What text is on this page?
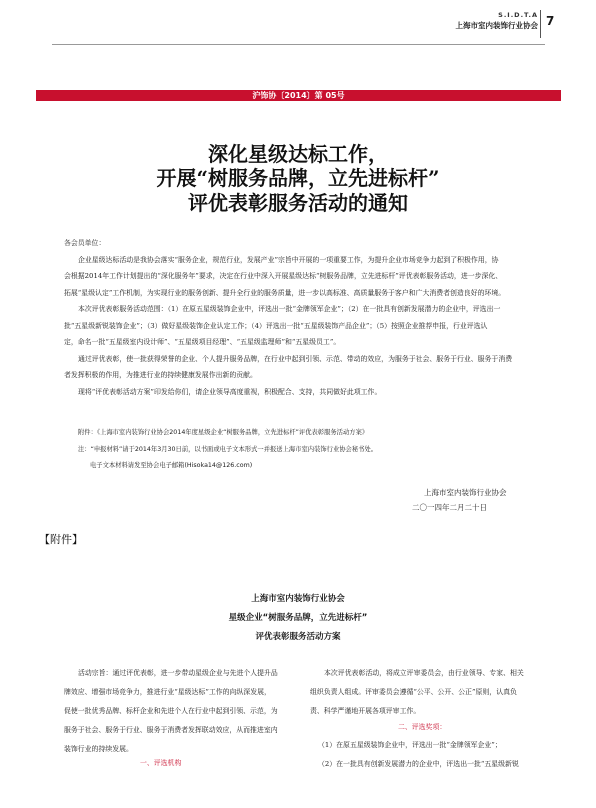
S.I.D.T.A
上海市室内装饰行业协会 7
沪饰协〔2014〕第 05号
深化星级达标工作，
开展“树服务品牌，立先进标杆”
评优表彰服务活动的通知

各会员单位：

企业星级达标活动是我协会落实“服务企业，规范行业，发展产业”宗旨中开展的一项重要工作，为提升企业市场竞争力起到了积极作用，协

会根据2014年工作计划提出的“深化服务年”要求，决定在行业中深入开展星级达标“树服务品牌，立先进标杆”评优表彰服务活动，进一步深化、

拓展“星级认定”工作机制，为实现行业的服务创新、提升全行业的服务质量，进一步以高标准、高质量服务于客户和广大消费者创造良好的环境。

本次评优表彰服务活动范围：（1）在原五星级装饰企业中，评选出一批“金牌领军企业”；（2）在一批具有创新发展潜力的企业中，评选出一

批“五星级新锐装饰企业”；（3）做好星级装饰企业认定工作；（4）评选出一批“五星级装饰产品企业”；（5）按照企业推荐申报，行业评选认

定，命名一批“五星级室内设计师”、“五星级项目经理”、“五星级监理师”和“五星级员工”。

通过评优表彰，使一批获得荣誉的企业、个人提升服务品牌，在行业中起到引领、示范、带动的效应，为服务于社会、服务于行业、服务于消费

者发挥积极的作用，为推进行业的持续健康发展作出新的贡献。

现将“评优表彰活动方案”印发给你们，请企业领导高度重视，积极配合、支持，共同做好此项工作。

附件：《上海市室内装饰行业协会2014年度星级企业“树服务品牌，立先进标杆”评优表彰服务活动方案》

注：“申报材料”请于2014年3月30日前，以书面或电子文本形式一并报送上海市室内装饰行业协会秘书处。

电子文本材料请发至协会电子邮箱(Hisoka14@126.com)

上海市室内装饰行业协会
二〇一四年二月二十日
【附件】
上海市室内装饰行业协会
星级企业“树服务品牌，立先进标杆”
评优表彰服务活动方案

活动宗旨：通过评优表彰，进一步带动星级企业与先进个人提升品

牌效应、增强市场竞争力，推进行业“星级达标”工作的向纵深发展，

促使一批优秀品牌、标杆企业和先进个人在行业中起到引领、示范，为

服务于社会、服务于行业、服务于消费者发挥联动效应，从而推进室内

装饰行业的持续发展。

一、评选机构

本次评优表彰活动，将成立评审委员会，由行业领导、专家、相关

组织负责人组成。评审委员会遵循“公平、公开、公正”原则，认真负

责、科学严谨地开展各项评审工作。

二、评选奖项：

（1）在原五星级装饰企业中，评选出一批“金牌领军企业”；

（2）在一批具有创新发展潜力的企业中，评选出一批“五星级新锐
